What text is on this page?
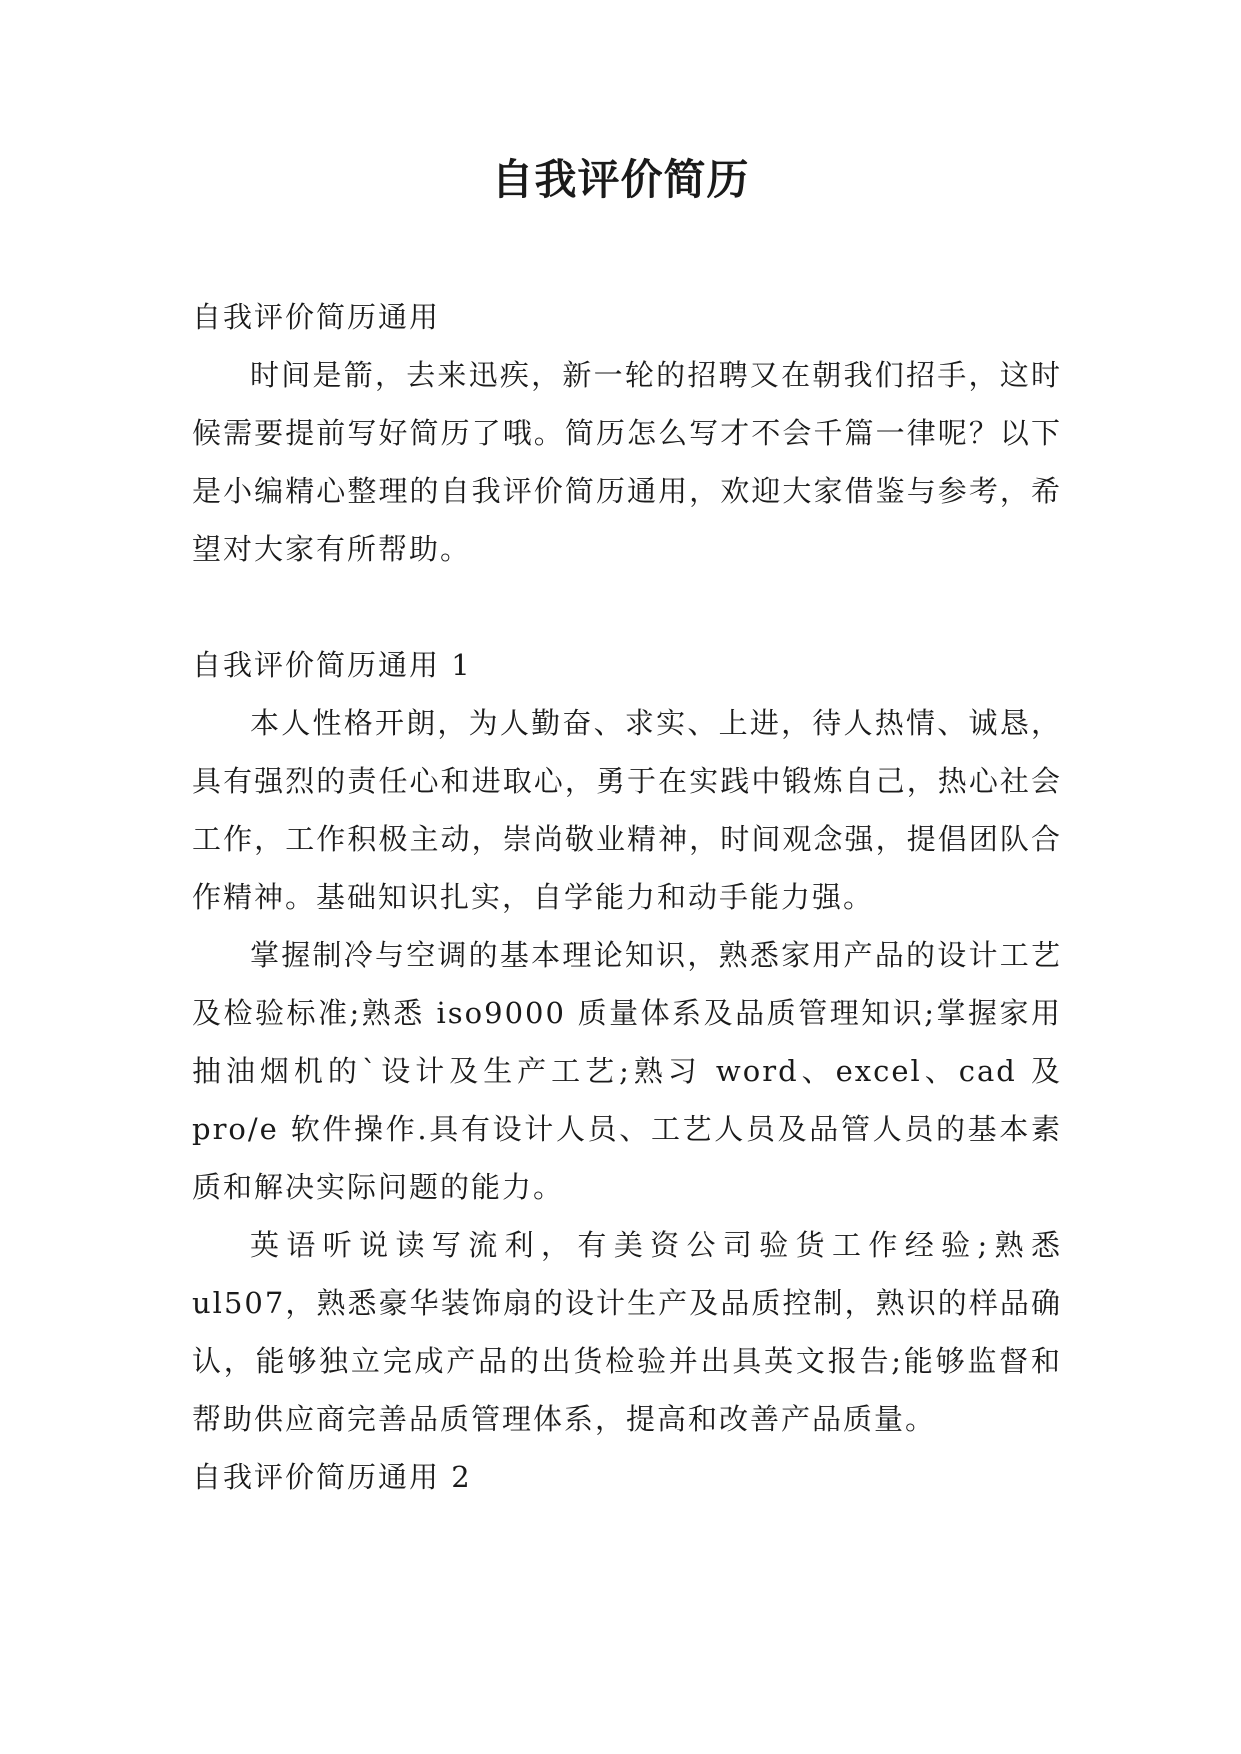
自我评价简历
自我评价简历通用
时间是箭，去来迅疾，新一轮的招聘又在朝我们招手，这时候需要提前写好简历了哦。简历怎么写才不会千篇一律呢？以下是小编精心整理的自我评价简历通用，欢迎大家借鉴与参考，希望对大家有所帮助。
自我评价简历通用 1
本人性格开朗，为人勤奋、求实、上进，待人热情、诚恳，具有强烈的责任心和进取心，勇于在实践中锻炼自己，热心社会工作，工作积极主动，崇尚敬业精神，时间观念强，提倡团队合作精神。基础知识扎实，自学能力和动手能力强。
掌握制冷与空调的基本理论知识，熟悉家用产品的设计工艺及检验标准;熟悉 iso9000 质量体系及品质管理知识;掌握家用抽油烟机的`设计及生产工艺;熟习 word、excel、cad 及 pro/e 软件操作.具有设计人员、工艺人员及品管人员的基本素质和解决实际问题的能力。
英语听说读写流利，有美资公司验货工作经验;熟悉 ul507，熟悉豪华装饰扇的设计生产及品质控制，熟识的样品确认，能够独立完成产品的出货检验并出具英文报告;能够监督和帮助供应商完善品质管理体系，提高和改善产品质量。
自我评价简历通用 2
